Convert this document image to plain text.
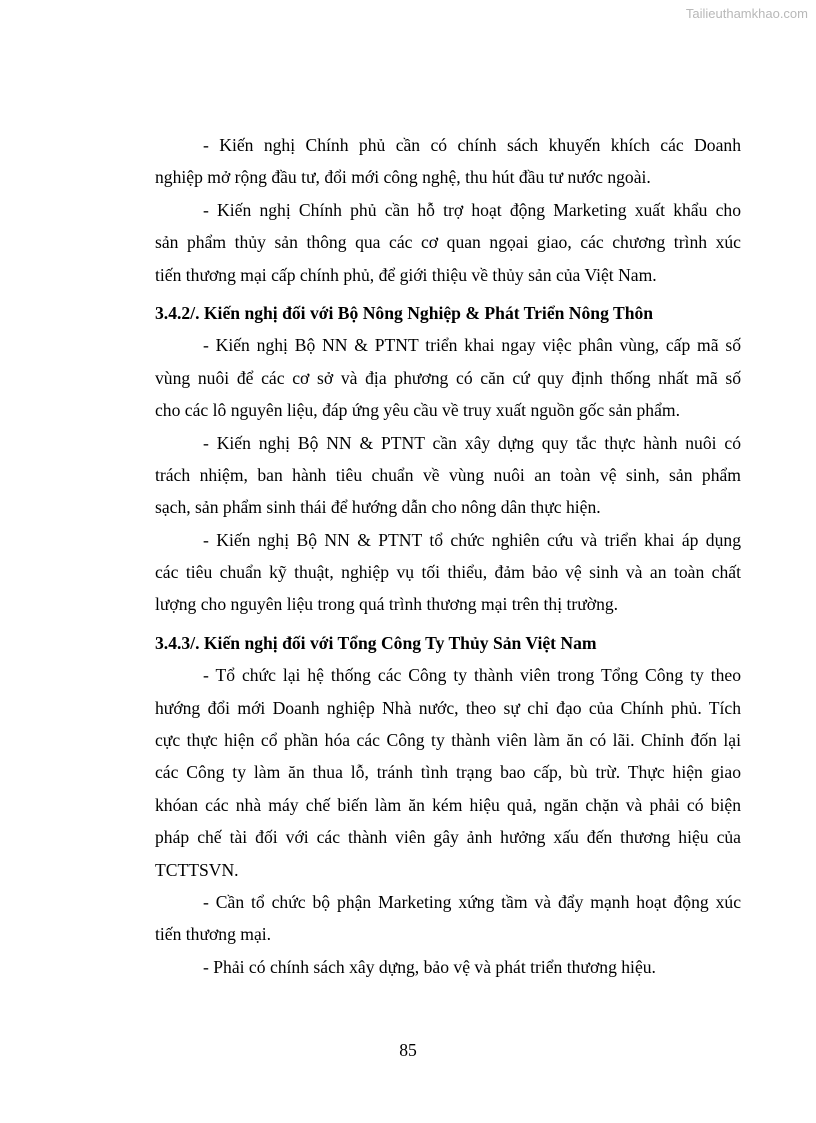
Tailieuthamkhao.com
- Kiến nghị Chính phủ cần có chính sách khuyến khích các Doanh
nghiệp mở rộng đầu tư, đổi mới công nghệ, thu hút đầu tư nước ngoài.
- Kiến nghị Chính phủ cần hỗ trợ hoạt động Marketing xuất khẩu cho
sản phẩm thủy sản thông qua các cơ quan ngọai giao, các chương trình xúc
tiến thương mại cấp chính phủ, để giới thiệu về thủy sản của Việt Nam.
3.4.2/. Kiến nghị đối với Bộ Nông Nghiệp & Phát Triển Nông Thôn
- Kiến nghị Bộ NN & PTNT triển khai ngay việc phân vùng, cấp mã số
vùng nuôi để các cơ sở và địa phương có căn cứ quy định thống nhất mã số
cho các lô nguyên liệu, đáp ứng yêu cầu về truy xuất nguồn gốc sản phẩm.
- Kiến nghị Bộ NN & PTNT cần xây dựng quy tắc thực hành nuôi có
trách nhiệm, ban hành tiêu chuẩn về vùng nuôi an toàn vệ sinh, sản phẩm
sạch, sản phẩm sinh thái để hướng dẫn cho nông dân thực hiện.
- Kiến nghị Bộ NN & PTNT tổ chức nghiên cứu và triển khai áp dụng
các tiêu chuẩn kỹ thuật, nghiệp vụ tối thiểu, đảm bảo vệ sinh và an toàn chất
lượng cho nguyên liệu trong quá trình thương mại trên thị trường.
3.4.3/. Kiến nghị đối với Tổng Công Ty Thủy Sản Việt Nam
- Tổ chức lại hệ thống các Công ty thành viên trong Tổng Công ty theo
hướng đổi mới Doanh nghiệp Nhà nước, theo sự chỉ đạo của Chính phủ. Tích
cực thực hiện cổ phần hóa các Công ty thành viên làm ăn có lãi. Chỉnh đốn lại
các Công ty làm ăn thua lỗ, tránh tình trạng bao cấp, bù trừ. Thực hiện giao
khóan các nhà máy chế biến làm ăn kém hiệu quả, ngăn chặn và phải có biện
pháp chế tài đối với các thành viên gây ảnh hưởng xấu đến thương hiệu của
TCTTSVN.
- Cần tổ chức bộ phận Marketing xứng tầm và đẩy mạnh hoạt động xúc
tiến thương mại.
- Phải có chính sách xây dựng, bảo vệ và phát triển thương hiệu.
85
